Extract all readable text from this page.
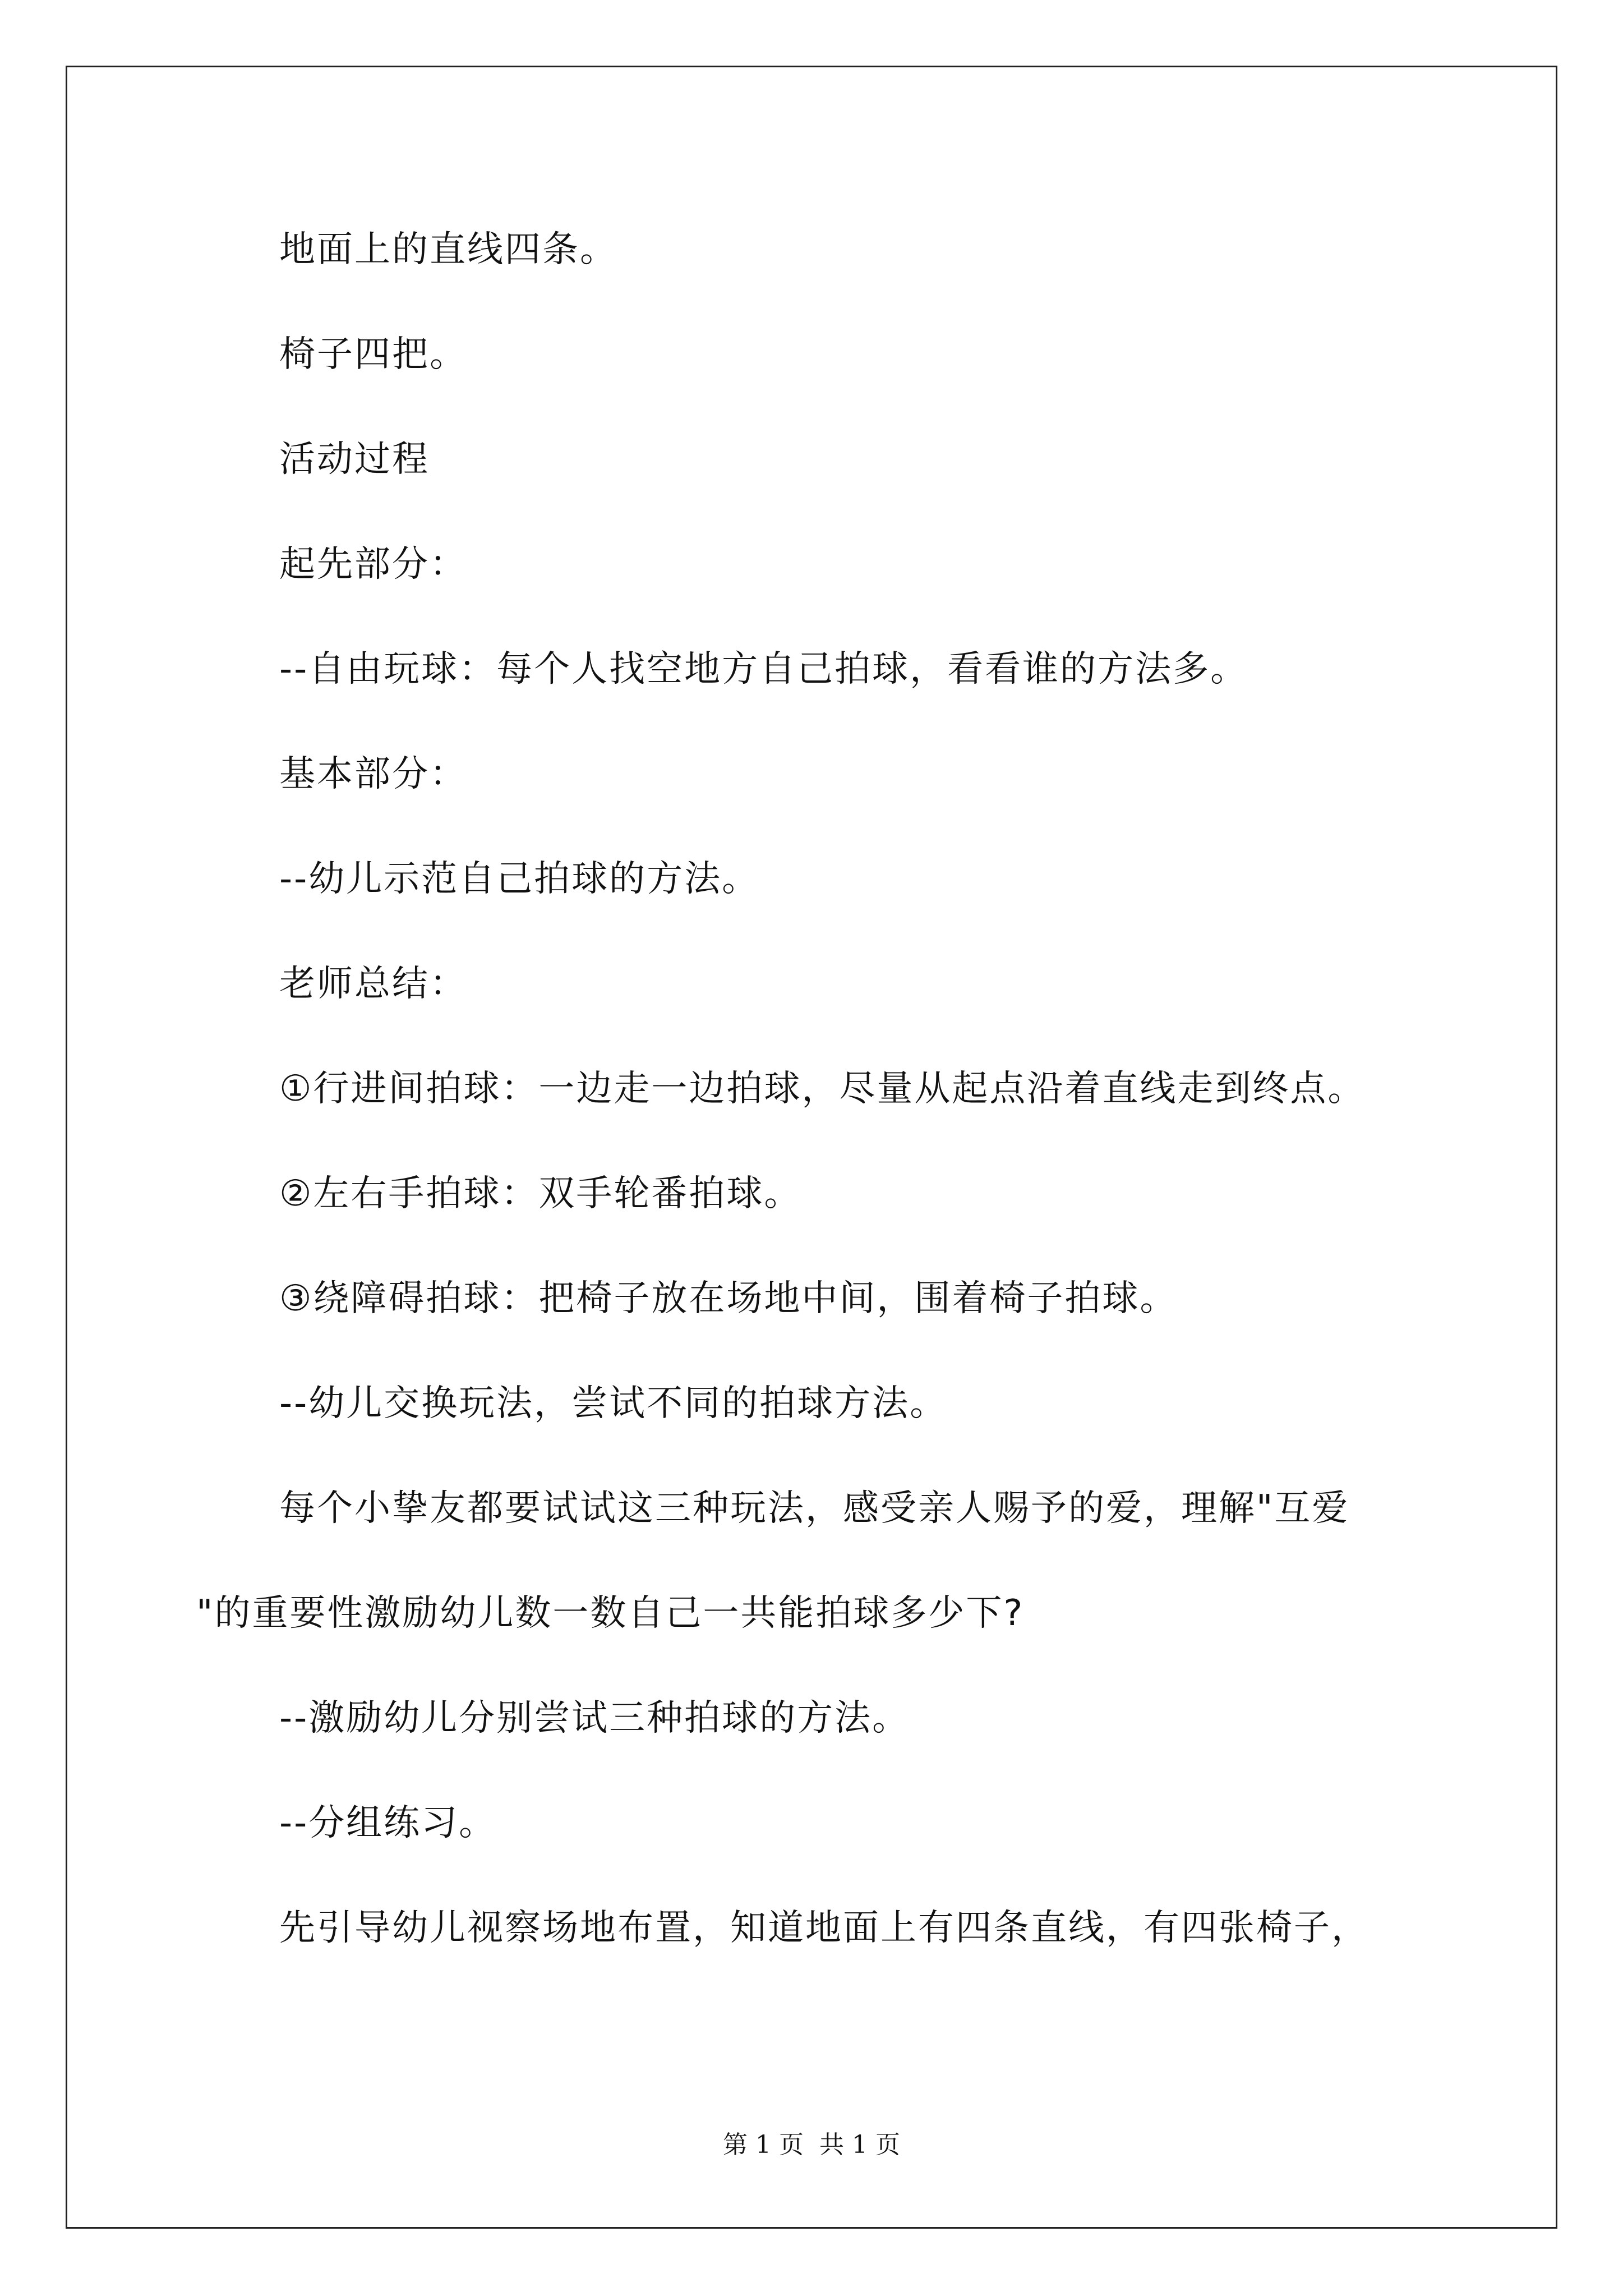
地面上的直线四条。
椅子四把。
活动过程
起先部分：
--自由玩球：每个人找空地方自己拍球，看看谁的方法多。
基本部分：
--幼儿示范自己拍球的方法。
老师总结：
①行进间拍球：一边走一边拍球，尽量从起点沿着直线走到终点。
②左右手拍球：双手轮番拍球。
③绕障碍拍球：把椅子放在场地中间，围着椅子拍球。
--幼儿交换玩法，尝试不同的拍球方法。
每个小挚友都要试试这三种玩法，感受亲人赐予的爱，理解"互爱
"的重要性激励幼儿数一数自己一共能拍球多少下?
--激励幼儿分别尝试三种拍球的方法。
--分组练习。
先引导幼儿视察场地布置，知道地面上有四条直线，有四张椅子，
第 1 页 共 1 页
